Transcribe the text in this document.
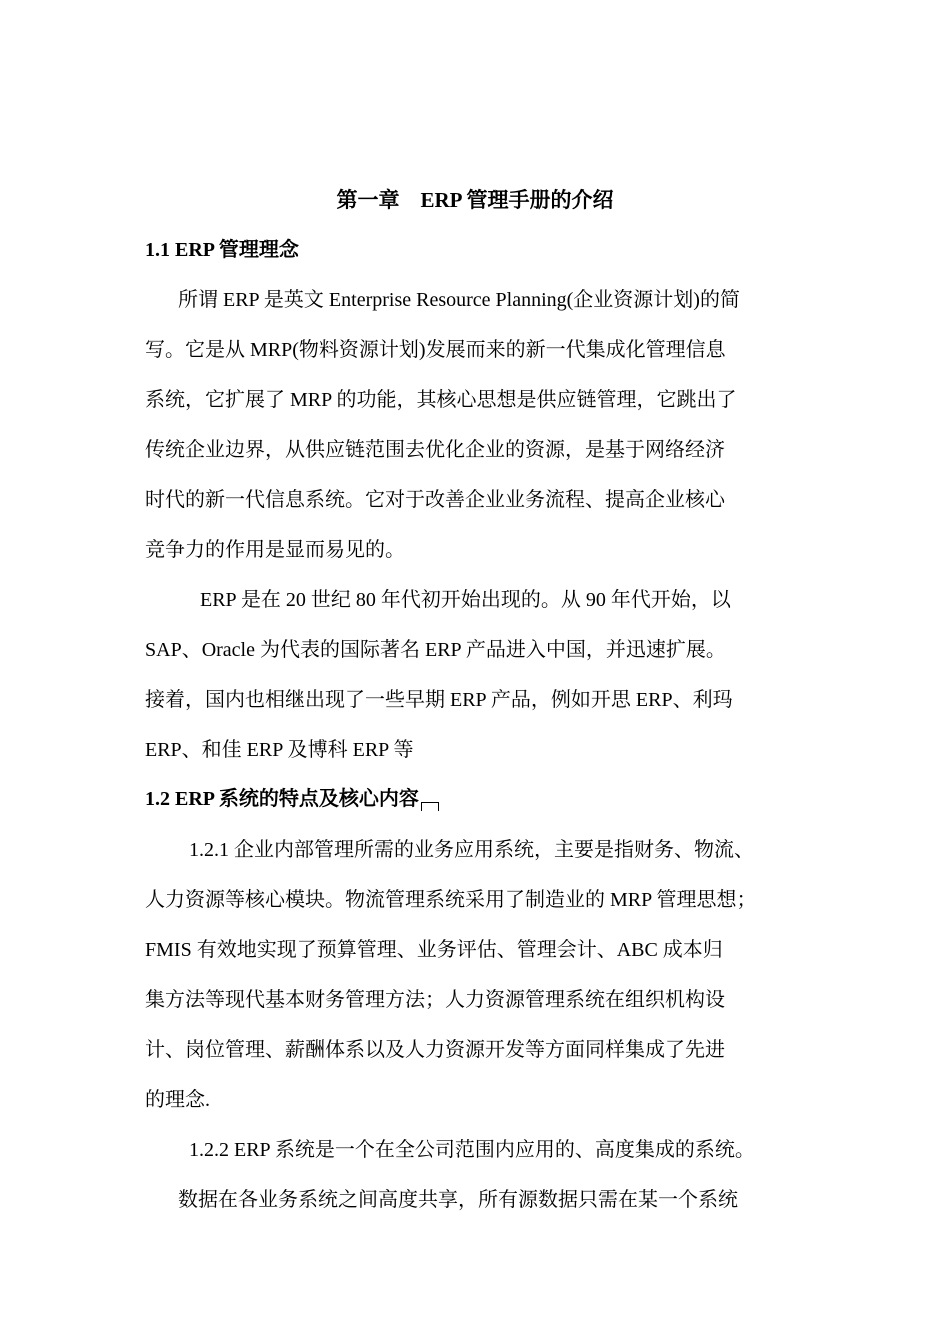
第一章    ERP 管理手册的介绍
1.1 ERP 管理理念
所谓 ERP 是英文 Enterprise Resource Planning(企业资源计划)的简
写。它是从 MRP(物料资源计划)发展而来的新一代集成化管理信息
系统，它扩展了 MRP 的功能，其核心思想是供应链管理，它跳出了
传统企业边界，从供应链范围去优化企业的资源，是基于网络经济
时代的新一代信息系统。它对于改善企业业务流程、提高企业核心
竞争力的作用是显而易见的。
ERP 是在 20 世纪 80 年代初开始出现的。从 90 年代开始，以
SAP、Oracle 为代表的国际著名 ERP 产品进入中国，并迅速扩展。
接着，国内也相继出现了一些早期 ERP 产品，例如开思 ERP、利玛
ERP、和佳 ERP 及博科 ERP 等
1.2 ERP 系统的特点及核心内容
1.2.1 企业内部管理所需的业务应用系统，主要是指财务、物流、
人力资源等核心模块。物流管理系统采用了制造业的 MRP 管理思想；
FMIS 有效地实现了预算管理、业务评估、管理会计、ABC 成本归
集方法等现代基本财务管理方法；人力资源管理系统在组织机构设
计、岗位管理、薪酬体系以及人力资源开发等方面同样集成了先进
的理念.
1.2.2 ERP 系统是一个在全公司范围内应用的、高度集成的系统。
数据在各业务系统之间高度共享，所有源数据只需在某一个系统
